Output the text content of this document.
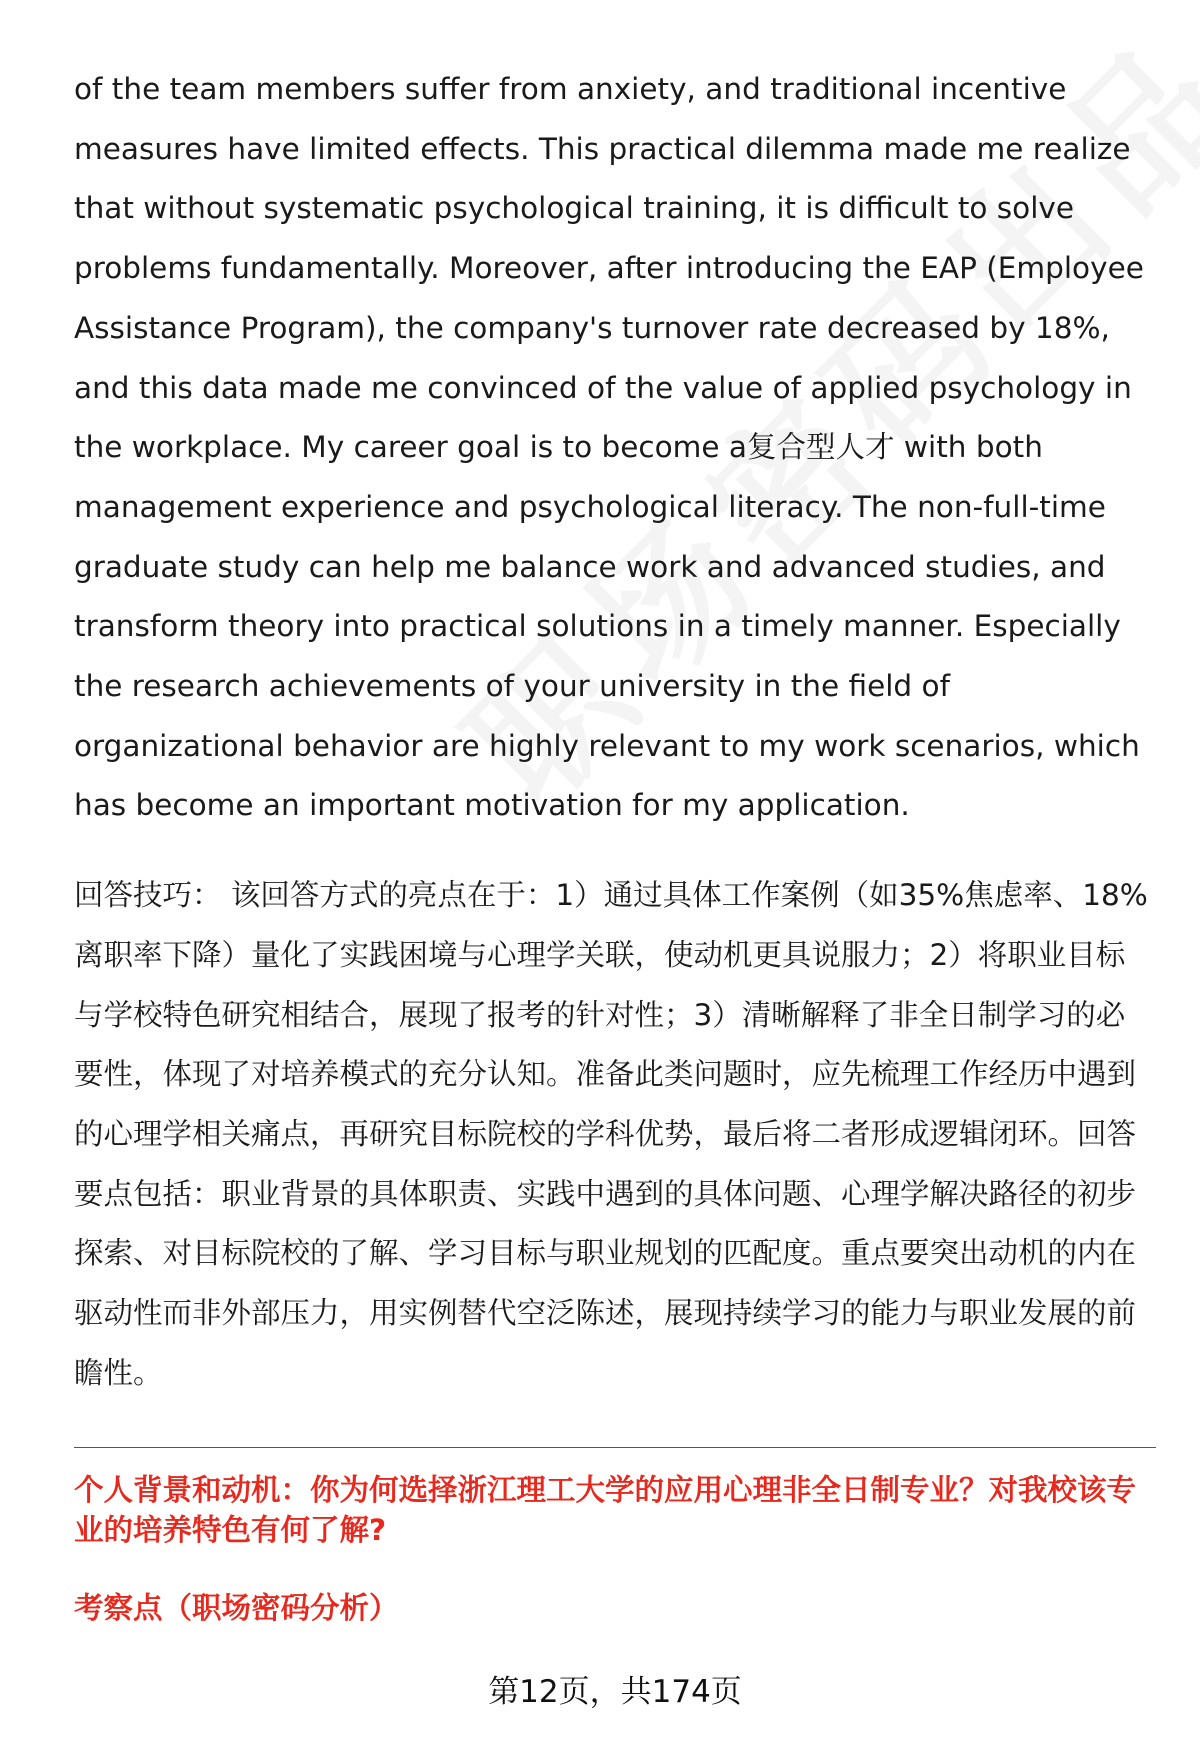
of the team members suffer from anxiety, and traditional incentive measures have limited effects. This practical dilemma made me realize that without systematic psychological training, it is difficult to solve problems fundamentally. Moreover, after introducing the EAP (Employee Assistance Program), the company's turnover rate decreased by 18%, and this data made me convinced of the value of applied psychology in the workplace. My career goal is to become a复合型人才 with both management experience and psychological literacy. The non-full-time graduate study can help me balance work and advanced studies, and transform theory into practical solutions in a timely manner. Especially the research achievements of your university in the field of organizational behavior are highly relevant to my work scenarios, which has become an important motivation for my application.

回答技巧： 该回答方式的亮点在于：1）通过具体工作案例（如35%焦虑率、18%离职率下降）量化了实践困境与心理学关联，使动机更具说服力；2）将职业目标与学校特色研究相结合，展现了报考的针对性；3）清晰解释了非全日制学习的必要性，体现了对培养模式的充分认知。准备此类问题时，应先梳理工作经历中遇到的心理学相关痛点，再研究目标院校的学科优势，最后将二者形成逻辑闭环。回答要点包括：职业背景的具体职责、实践中遇到的具体问题、心理学解决路径的初步探索、对目标院校的了解、学习目标与职业规划的匹配度。重点要突出动机的内在驱动性而非外部压力，用实例替代空泛陈述，展现持续学习的能力与职业发展的前瞻性。

个人背景和动机：你为何选择浙江理工大学的应用心理非全日制专业？对我校该专业的培养特色有何了解?

考察点（职场密码分析）

第12页，共174页
